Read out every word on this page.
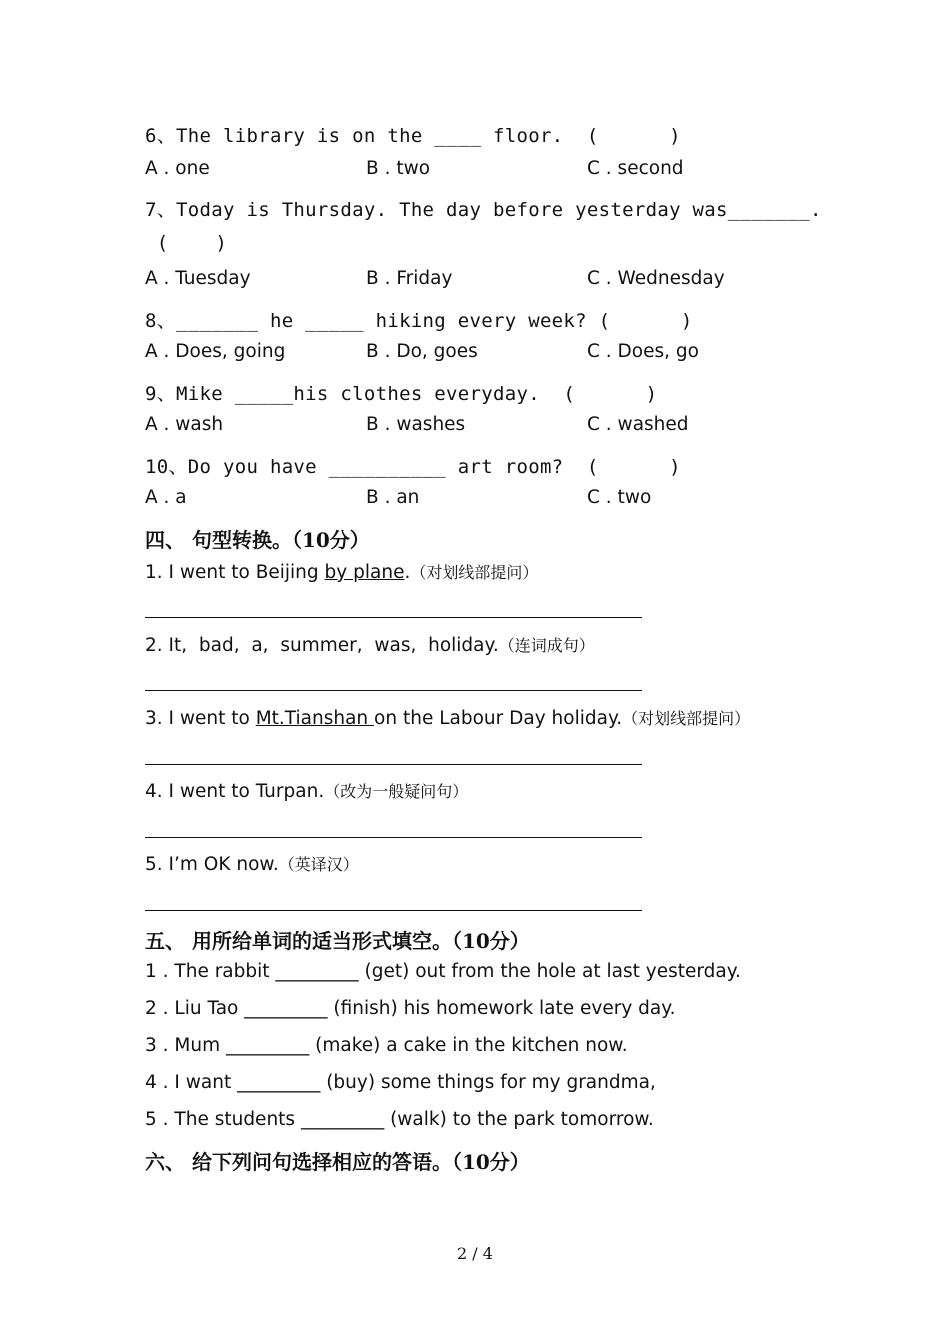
6、The library is on the ____ floor.  (      )
A . one	B . two	C . second
7、Today is Thursday. The day before yesterday was_______.
(    )
A . Tuesday	B . Friday	C . Wednesday
8、_______ he _____ hiking every week? (      )
A . Does, going	B . Do, goes	C . Does, go
9、Mike _____his clothes everyday.  (      )
A . wash	B . washes	C . washed
10、Do you have __________ art room?  (      )
A . a	B . an	C . two
四、 句型转换。（10分）
1. I went to Beijing by plane.（对划线部提问）
2. It,  bad,  a,  summer,  was,  holiday.（连词成句）
3. I went to Mt.Tianshan on the Labour Day holiday.（对划线部提问）
4. I went to Turpan.（改为一般疑问句）
5. I’m OK now.（英译汉）
五、 用所给单词的适当形式填空。（10分）
1 . The rabbit _________ (get) out from the hole at last yesterday.
2 . Liu Tao _________ (finish) his homework late every day.
3 . Mum _________ (make) a cake in the kitchen now.
4 . I want _________ (buy) some things for my grandma,
5 . The students _________ (walk) to the park tomorrow.
六、 给下列问句选择相应的答语。（10分）
2 / 4
